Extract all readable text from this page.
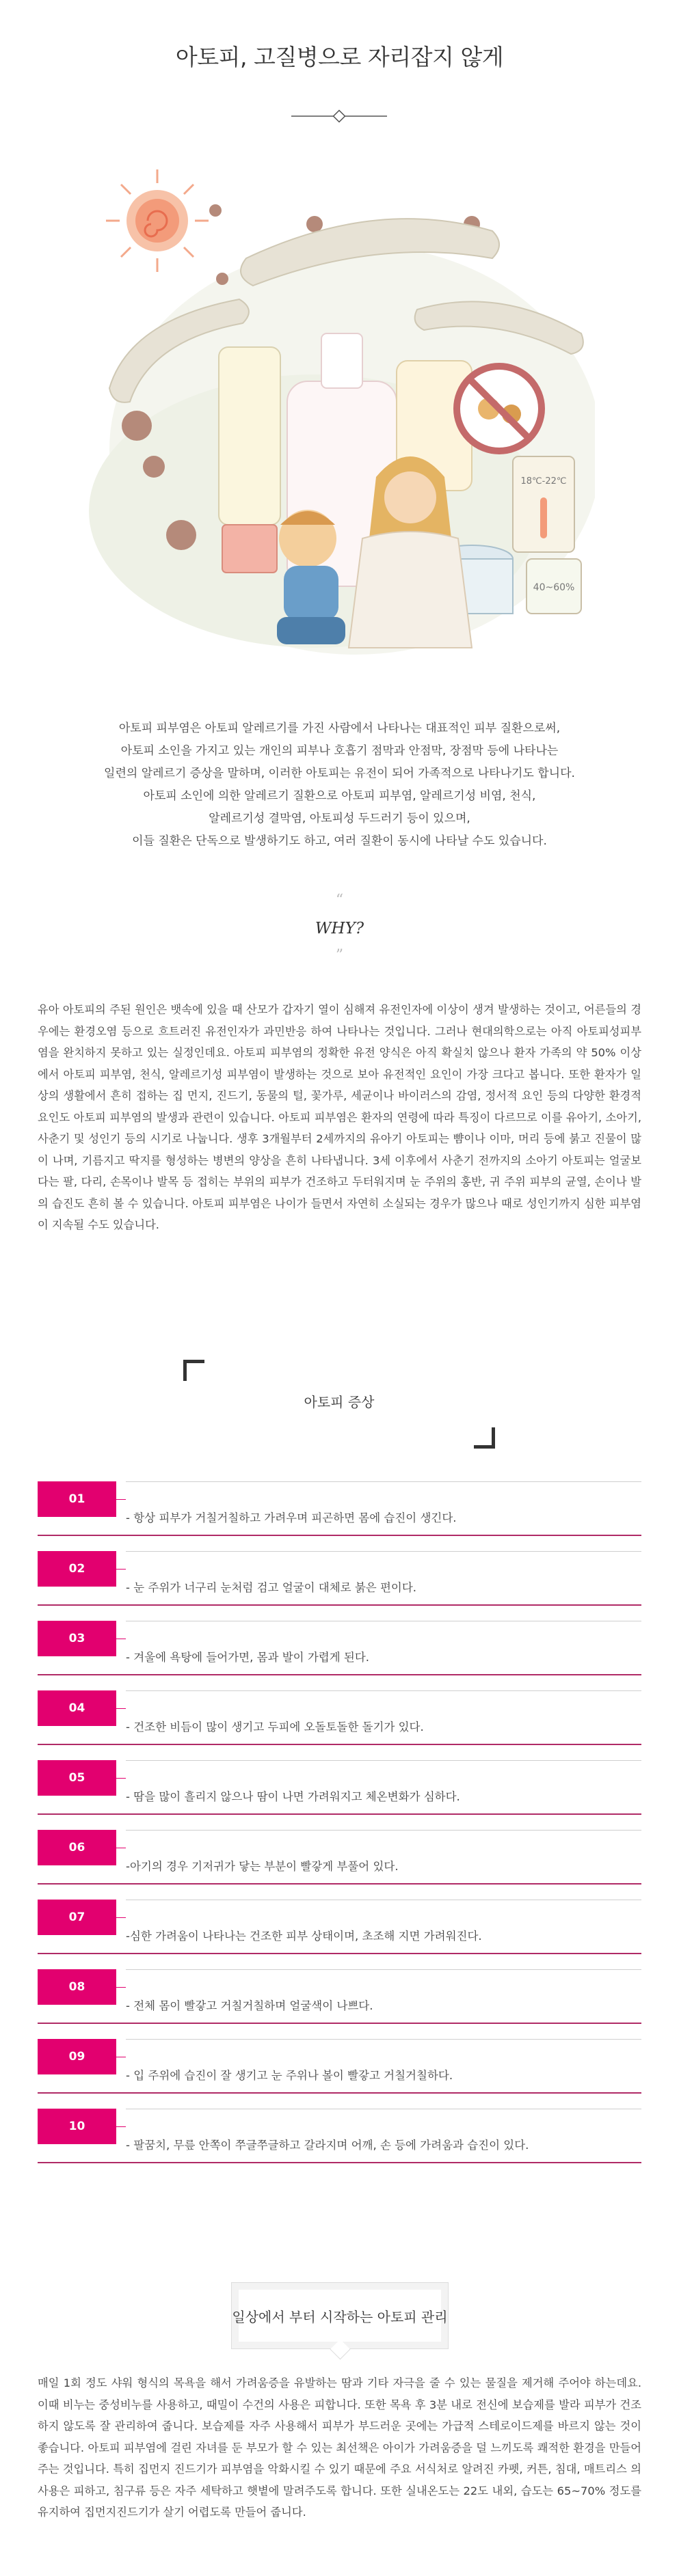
아토피, 고질병으로 자리잡지 않게
18℃-22℃
40~60%

아토피 피부염은 아토피 알레르기를 가진 사람에서 나타나는 대표적인 피부 질환으로써,

아토피 소인을 가지고 있는 개인의 피부나 호흡기 점막과 안점막, 장점막 등에 나타나는

일련의 알레르기 증상을 말하며, 이러한 아토피는 유전이 되어 가족적으로 나타나기도 합니다.

아토피 소인에 의한 알레르기 질환으로 아토피 피부염, 알레르기성 비염, 천식,

알레르기성 결막염, 아토피성 두드러기 등이 있으며,

이들 질환은 단독으로 발생하기도 하고, 여러 질환이 동시에 나타날 수도 있습니다.

“
WHY?
”
유아 아토피의 주된 원인은 뱃속에 있을 때 산모가 갑자기 열이 심해져 유전인자에 이상이 생겨 발생하는 것이고, 어른들의 경우에는 환경오염 등으로 흐트러진 유전인자가 과민반응 하여 나타나는 것입니다. 그러나 현대의학으로는 아직 아토피성피부염을 완치하지 못하고 있는 실정인데요. 아토피 피부염의 정확한 유전 양식은 아직 확실치 않으나 환자 가족의 약 50% 이상에서 아토피 피부염, 천식, 알레르기성 피부염이 발생하는 것으로 보아 유전적인 요인이 가장 크다고 봅니다. 또한 환자가 일상의 생활에서 흔히 접하는 집 먼지, 진드기, 동물의 털, 꽃가루, 세균이나 바이러스의 감염, 정서적 요인 등의 다양한 환경적 요인도 아토피 피부염의 발생과 관련이 있습니다. 아토피 피부염은 환자의 연령에 따라 특징이 다르므로 이를 유아기, 소아기, 사춘기 및 성인기 등의 시기로 나눕니다. 생후 3개월부터 2세까지의 유아기 아토피는 뺨이나 이마, 머리 등에 붉고 진물이 많이 나며, 기름지고 딱지를 형성하는 병변의 양상을 흔히 나타냅니다. 3세 이후에서 사춘기 전까지의 소아기 아토피는 얼굴보다는 팔, 다리, 손목이나 발목 등 접히는 부위의 피부가 건조하고 두터워지며 눈 주위의 홍반, 귀 주위 피부의 균열, 손이나 발의 습진도 흔히 볼 수 있습니다. 아토피 피부염은 나이가 들면서 자연히 소실되는 경우가 많으나 때로 성인기까지 심한 피부염이 지속될 수도 있습니다.
아토피 증상
01
- 항상 피부가 거칠거칠하고 가려우며 피곤하면 몸에 습진이 생긴다.
02
- 눈 주위가 너구리 눈처럼 검고 얼굴이 대체로 붉은 편이다.
03
- 겨울에 욕탕에 들어가면, 몸과 발이 가렵게 된다.
04
- 건조한 비듬이 많이 생기고 두피에 오돌토돌한 돌기가 있다.
05
- 땀을 많이 흘리지 않으나 땀이 나면 가려워지고 체온변화가 심하다.
06
-아기의 경우 기저귀가 닿는 부분이 빨갛게 부풀어 있다.
07
-심한 가려움이 나타나는 건조한 피부 상태이며, 초조해 지면 가려워진다.
08
- 전체 몸이 빨갛고 거칠거칠하며 얼굴색이 나쁘다.
09
- 입 주위에 습진이 잘 생기고 눈 주위나 볼이 빨갛고 거칠거칠하다.
10
- 팔꿈치, 무릎 안쪽이 쭈글쭈글하고 갈라지며 어깨, 손 등에 가려움과 습진이 있다.
일상에서 부터 시작하는 아토피 관리
매일 1회 정도 샤워 형식의 목욕을 해서 가려움증을 유발하는 땀과 기타 자극을 줄 수 있는 물질을 제거해 주어야 하는데요. 이때 비누는 중성비누를 사용하고, 때밀이 수건의 사용은 피합니다. 또한 목욕 후 3분 내로 전신에 보습제를 발라 피부가 건조하지 않도록 잘 관리하여 줍니다. 보습제를 자주 사용해서 피부가 부드러운 곳에는 가급적 스테로이드제를 바르지 않는 것이 좋습니다. 아토피 피부염에 걸린 자녀를 둔 부모가 할 수 있는 최선책은 아이가 가려움증을 덜 느끼도록 쾌적한 환경을 만들어 주는 것입니다. 특히 집먼지 진드기가 피부염을 악화시킬 수 있기 때문에 주요 서식처로 알려진 카펫, 커튼, 침대, 매트리스 의 사용은 피하고, 침구류 등은 자주 세탁하고 햇볕에 말려주도록 합니다. 또한 실내온도는 22도 내외, 습도는 65~70% 정도를 유지하여 집먼지진드기가 살기 어렵도록 만들어 줍니다.
